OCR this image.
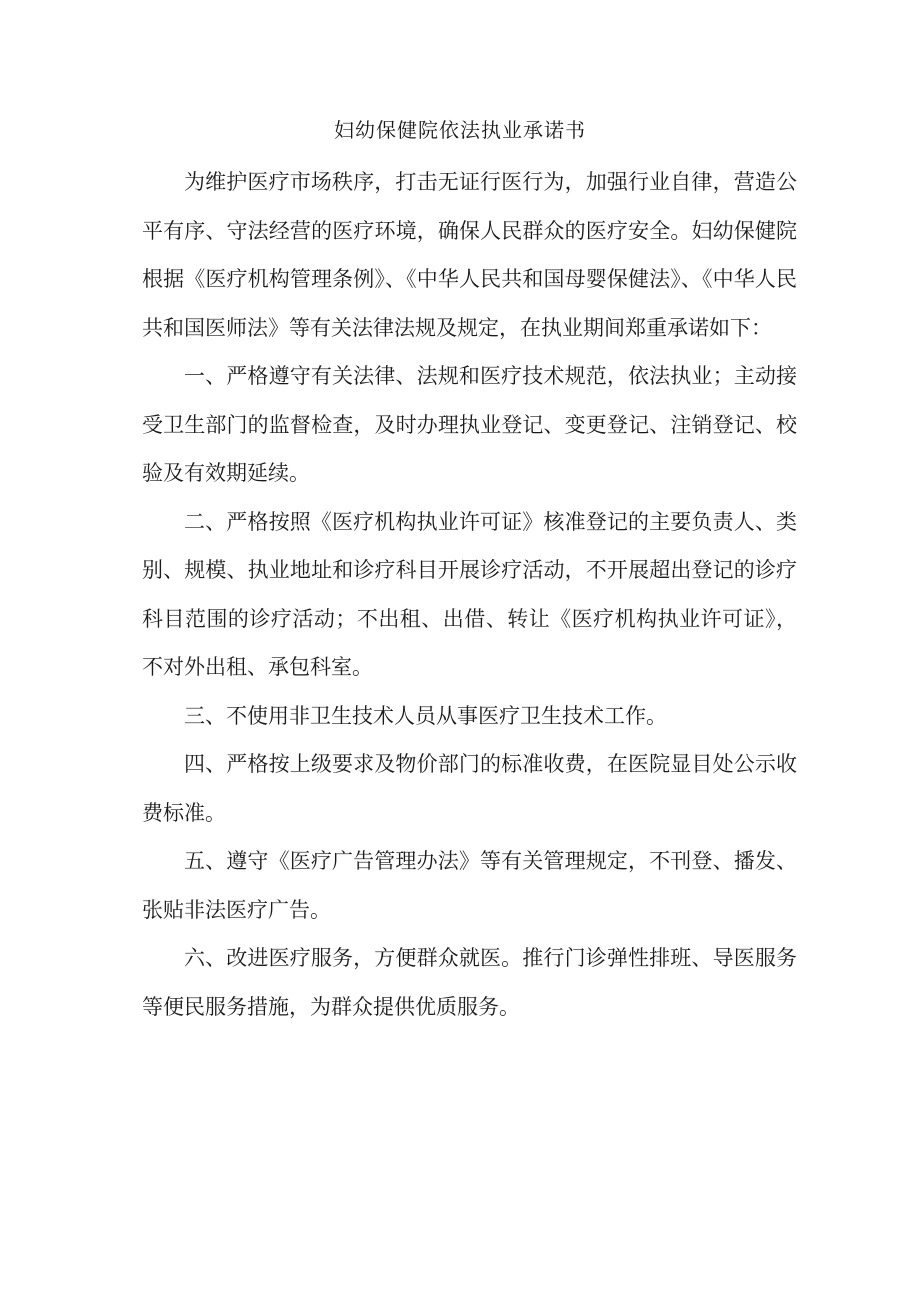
妇幼保健院依法执业承诺书

为维护医疗市场秩序，打击无证行医行为，加强行业自律，营造公平有序、守法经营的医疗环境，确保人民群众的医疗安全。妇幼保健院根据《医疗机构管理条例》、《中华人民共和国母婴保健法》、《中华人民共和国医师法》等有关法律法规及规定，在执业期间郑重承诺如下：

一、严格遵守有关法律、法规和医疗技术规范，依法执业；主动接受卫生部门的监督检查，及时办理执业登记、变更登记、注销登记、校验及有效期延续。

二、严格按照《医疗机构执业许可证》核准登记的主要负责人、类别、规模、执业地址和诊疗科目开展诊疗活动，不开展超出登记的诊疗科目范围的诊疗活动；不出租、出借、转让《医疗机构执业许可证》，不对外出租、承包科室。

三、不使用非卫生技术人员从事医疗卫生技术工作。

四、严格按上级要求及物价部门的标准收费，在医院显目处公示收费标准。

五、遵守《医疗广告管理办法》等有关管理规定，不刊登、播发、张贴非法医疗广告。

六、改进医疗服务，方便群众就医。推行门诊弹性排班、导医服务等便民服务措施，为群众提供优质服务。
